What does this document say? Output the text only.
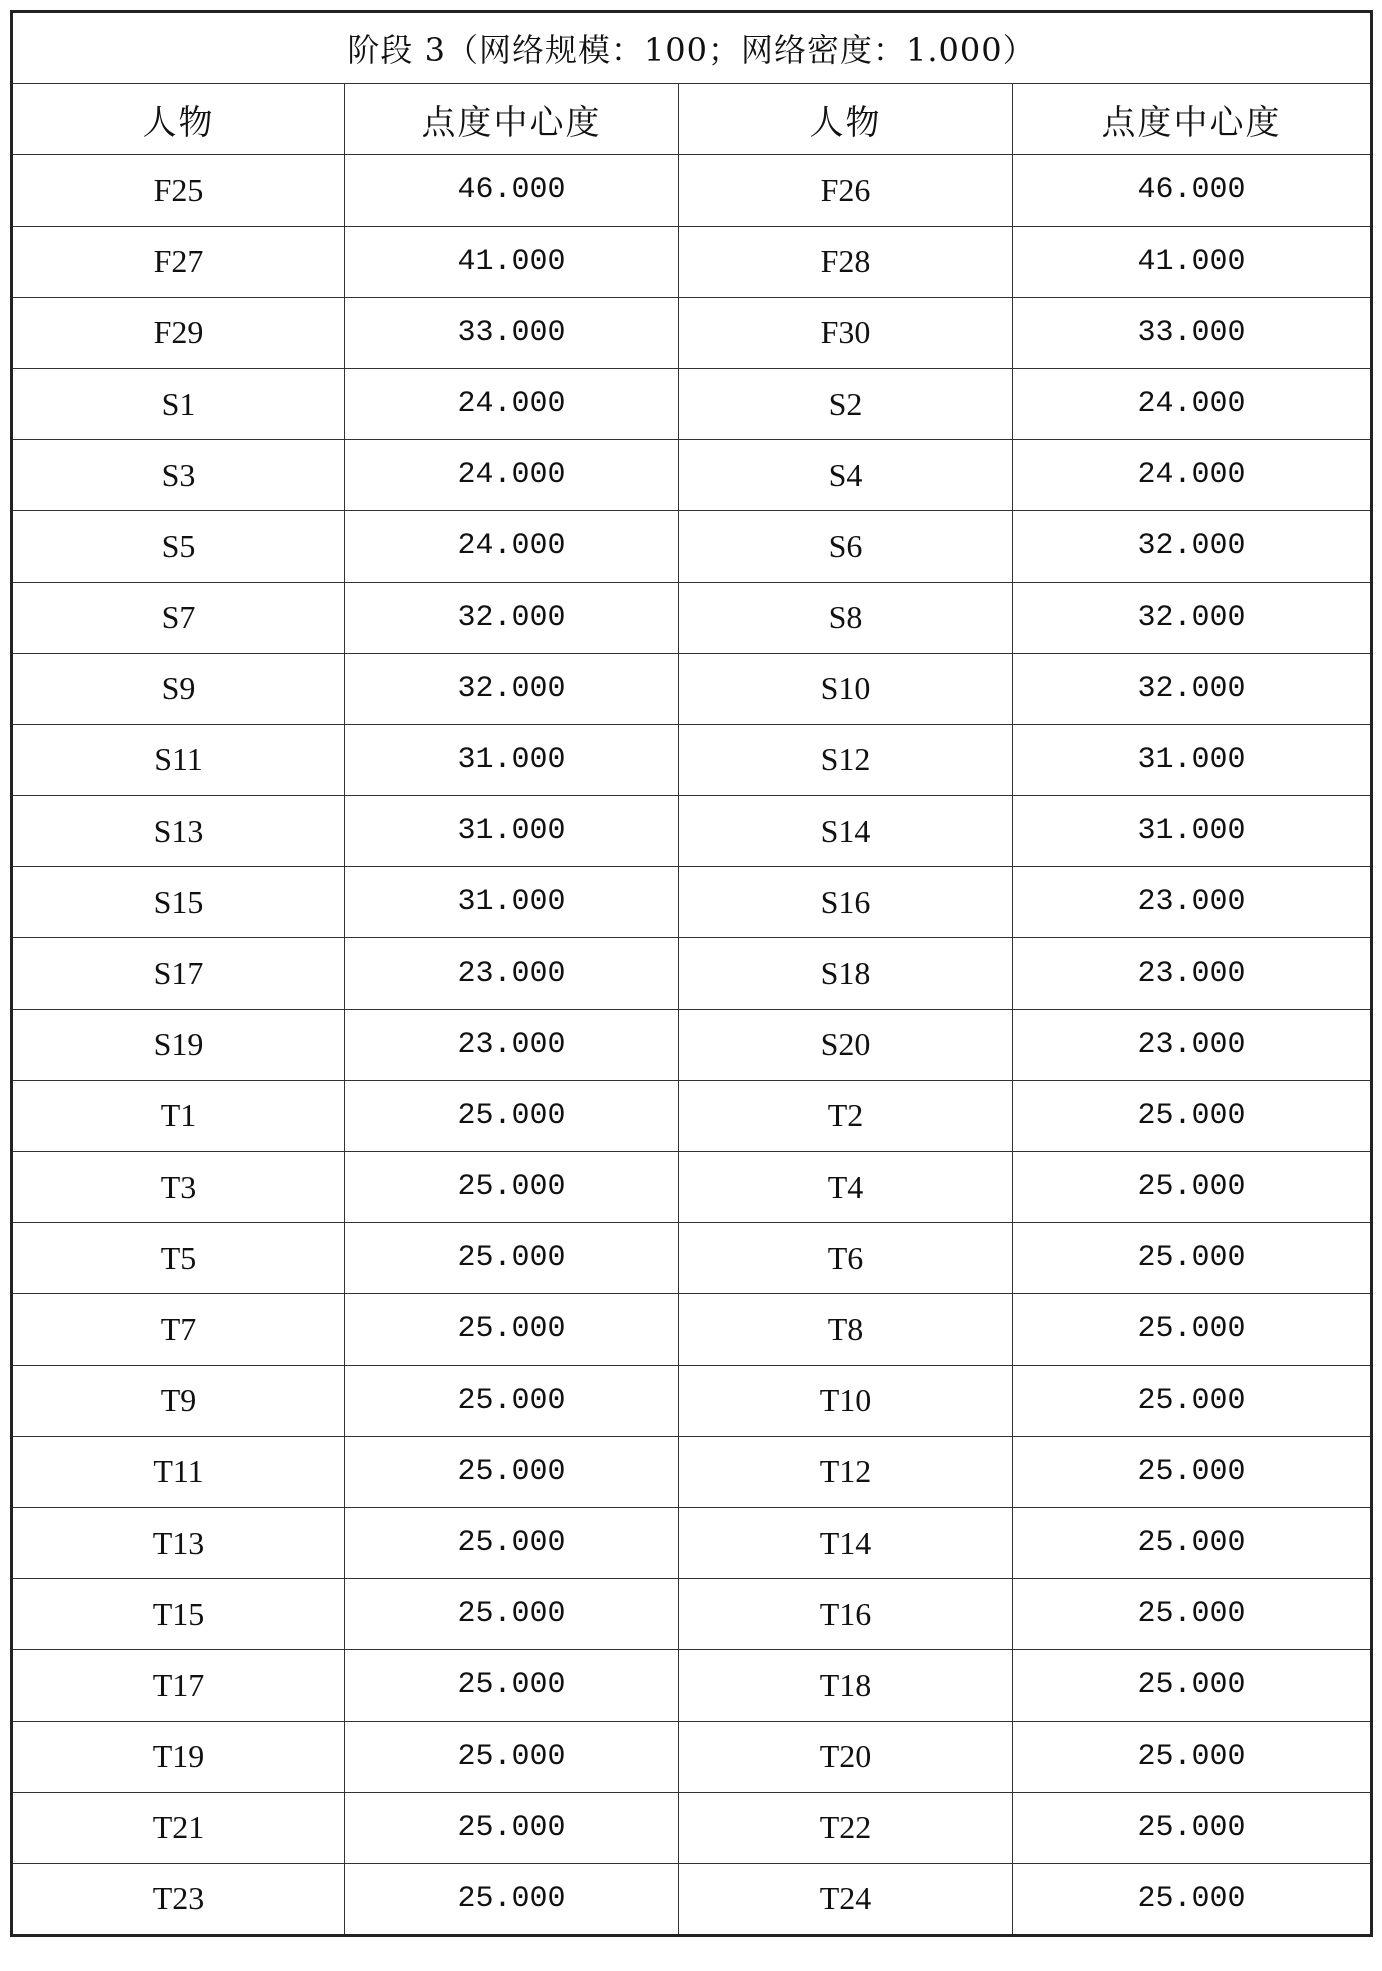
阶段 3（网络规模：100；网络密度：1.000）			
人物	点度中心度	人物	点度中心度
F25	46.000	F26	46.000
F27	41.000	F28	41.000
F29	33.000	F30	33.000
S1	24.000	S2	24.000
S3	24.000	S4	24.000
S5	24.000	S6	32.000
S7	32.000	S8	32.000
S9	32.000	S10	32.000
S11	31.000	S12	31.000
S13	31.000	S14	31.000
S15	31.000	S16	23.000
S17	23.000	S18	23.000
S19	23.000	S20	23.000
T1	25.000	T2	25.000
T3	25.000	T4	25.000
T5	25.000	T6	25.000
T7	25.000	T8	25.000
T9	25.000	T10	25.000
T11	25.000	T12	25.000
T13	25.000	T14	25.000
T15	25.000	T16	25.000
T17	25.000	T18	25.000
T19	25.000	T20	25.000
T21	25.000	T22	25.000
T23	25.000	T24	25.000
